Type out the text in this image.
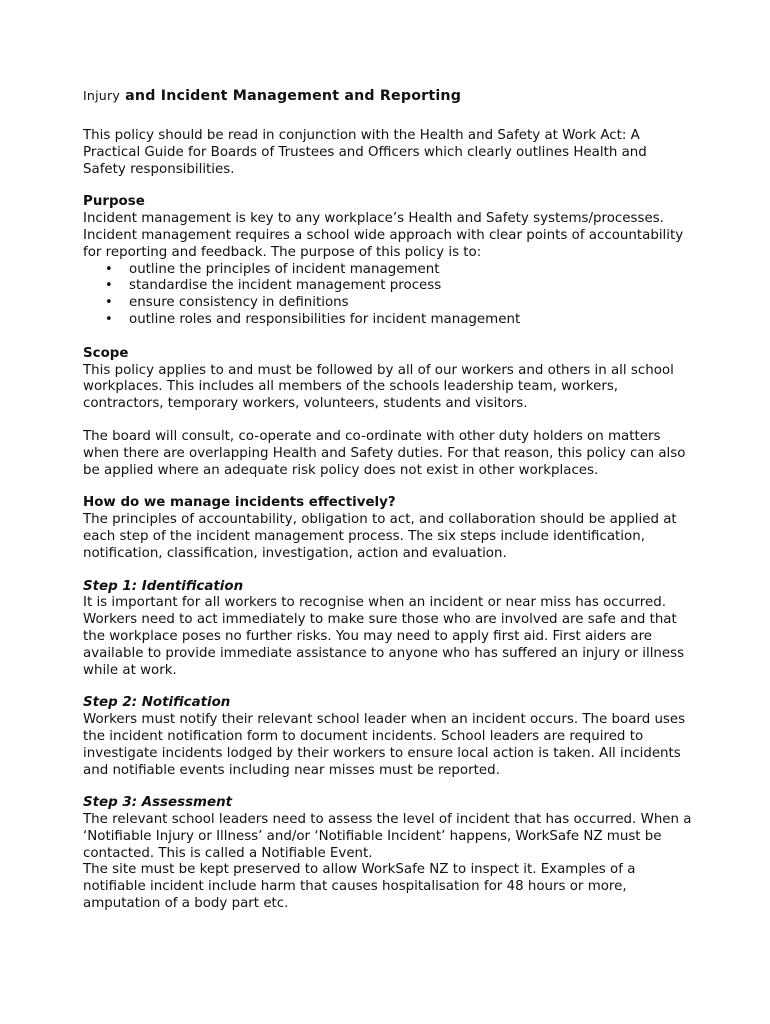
Injury and Incident Management and Reporting

This policy should be read in conjunction with the Health and Safety at Work Act: A Practical Guide for Boards of Trustees and Officers which clearly outlines Health and Safety responsibilities.

Purpose

Incident management is key to any workplace’s Health and Safety systems/processes. Incident management requires a school wide approach with clear points of accountability for reporting and feedback. The purpose of this policy is to:

• outline the principles of incident management
• standardise the incident management process
• ensure consistency in definitions
• outline roles and responsibilities for incident management

Scope

This policy applies to and must be followed by all of our workers and others in all school workplaces. This includes all members of the schools leadership team, workers, contractors, temporary workers, volunteers, students and visitors.

The board will consult, co-operate and co-ordinate with other duty holders on matters when there are overlapping Health and Safety duties. For that reason, this policy can also be applied where an adequate risk policy does not exist in other workplaces.

How do we manage incidents effectively?

The principles of accountability, obligation to act, and collaboration should be applied at each step of the incident management process. The six steps include identification, notification, classification, investigation, action and evaluation.

Step 1: Identification

It is important for all workers to recognise when an incident or near miss has occurred. Workers need to act immediately to make sure those who are involved are safe and that the workplace poses no further risks. You may need to apply first aid. First aiders are available to provide immediate assistance to anyone who has suffered an injury or illness while at work.

Step 2: Notification

Workers must notify their relevant school leader when an incident occurs. The board uses the incident notification form to document incidents. School leaders are required to investigate incidents lodged by their workers to ensure local action is taken. All incidents and notifiable events including near misses must be reported.

Step 3: Assessment

The relevant school leaders need to assess the level of incident that has occurred. When a ‘Notifiable Injury or Illness’ and/or ‘Notifiable Incident’ happens, WorkSafe NZ must be contacted. This is called a Notifiable Event.

The site must be kept preserved to allow WorkSafe NZ to inspect it. Examples of a notifiable incident include harm that causes hospitalisation for 48 hours or more, amputation of a body part etc.
